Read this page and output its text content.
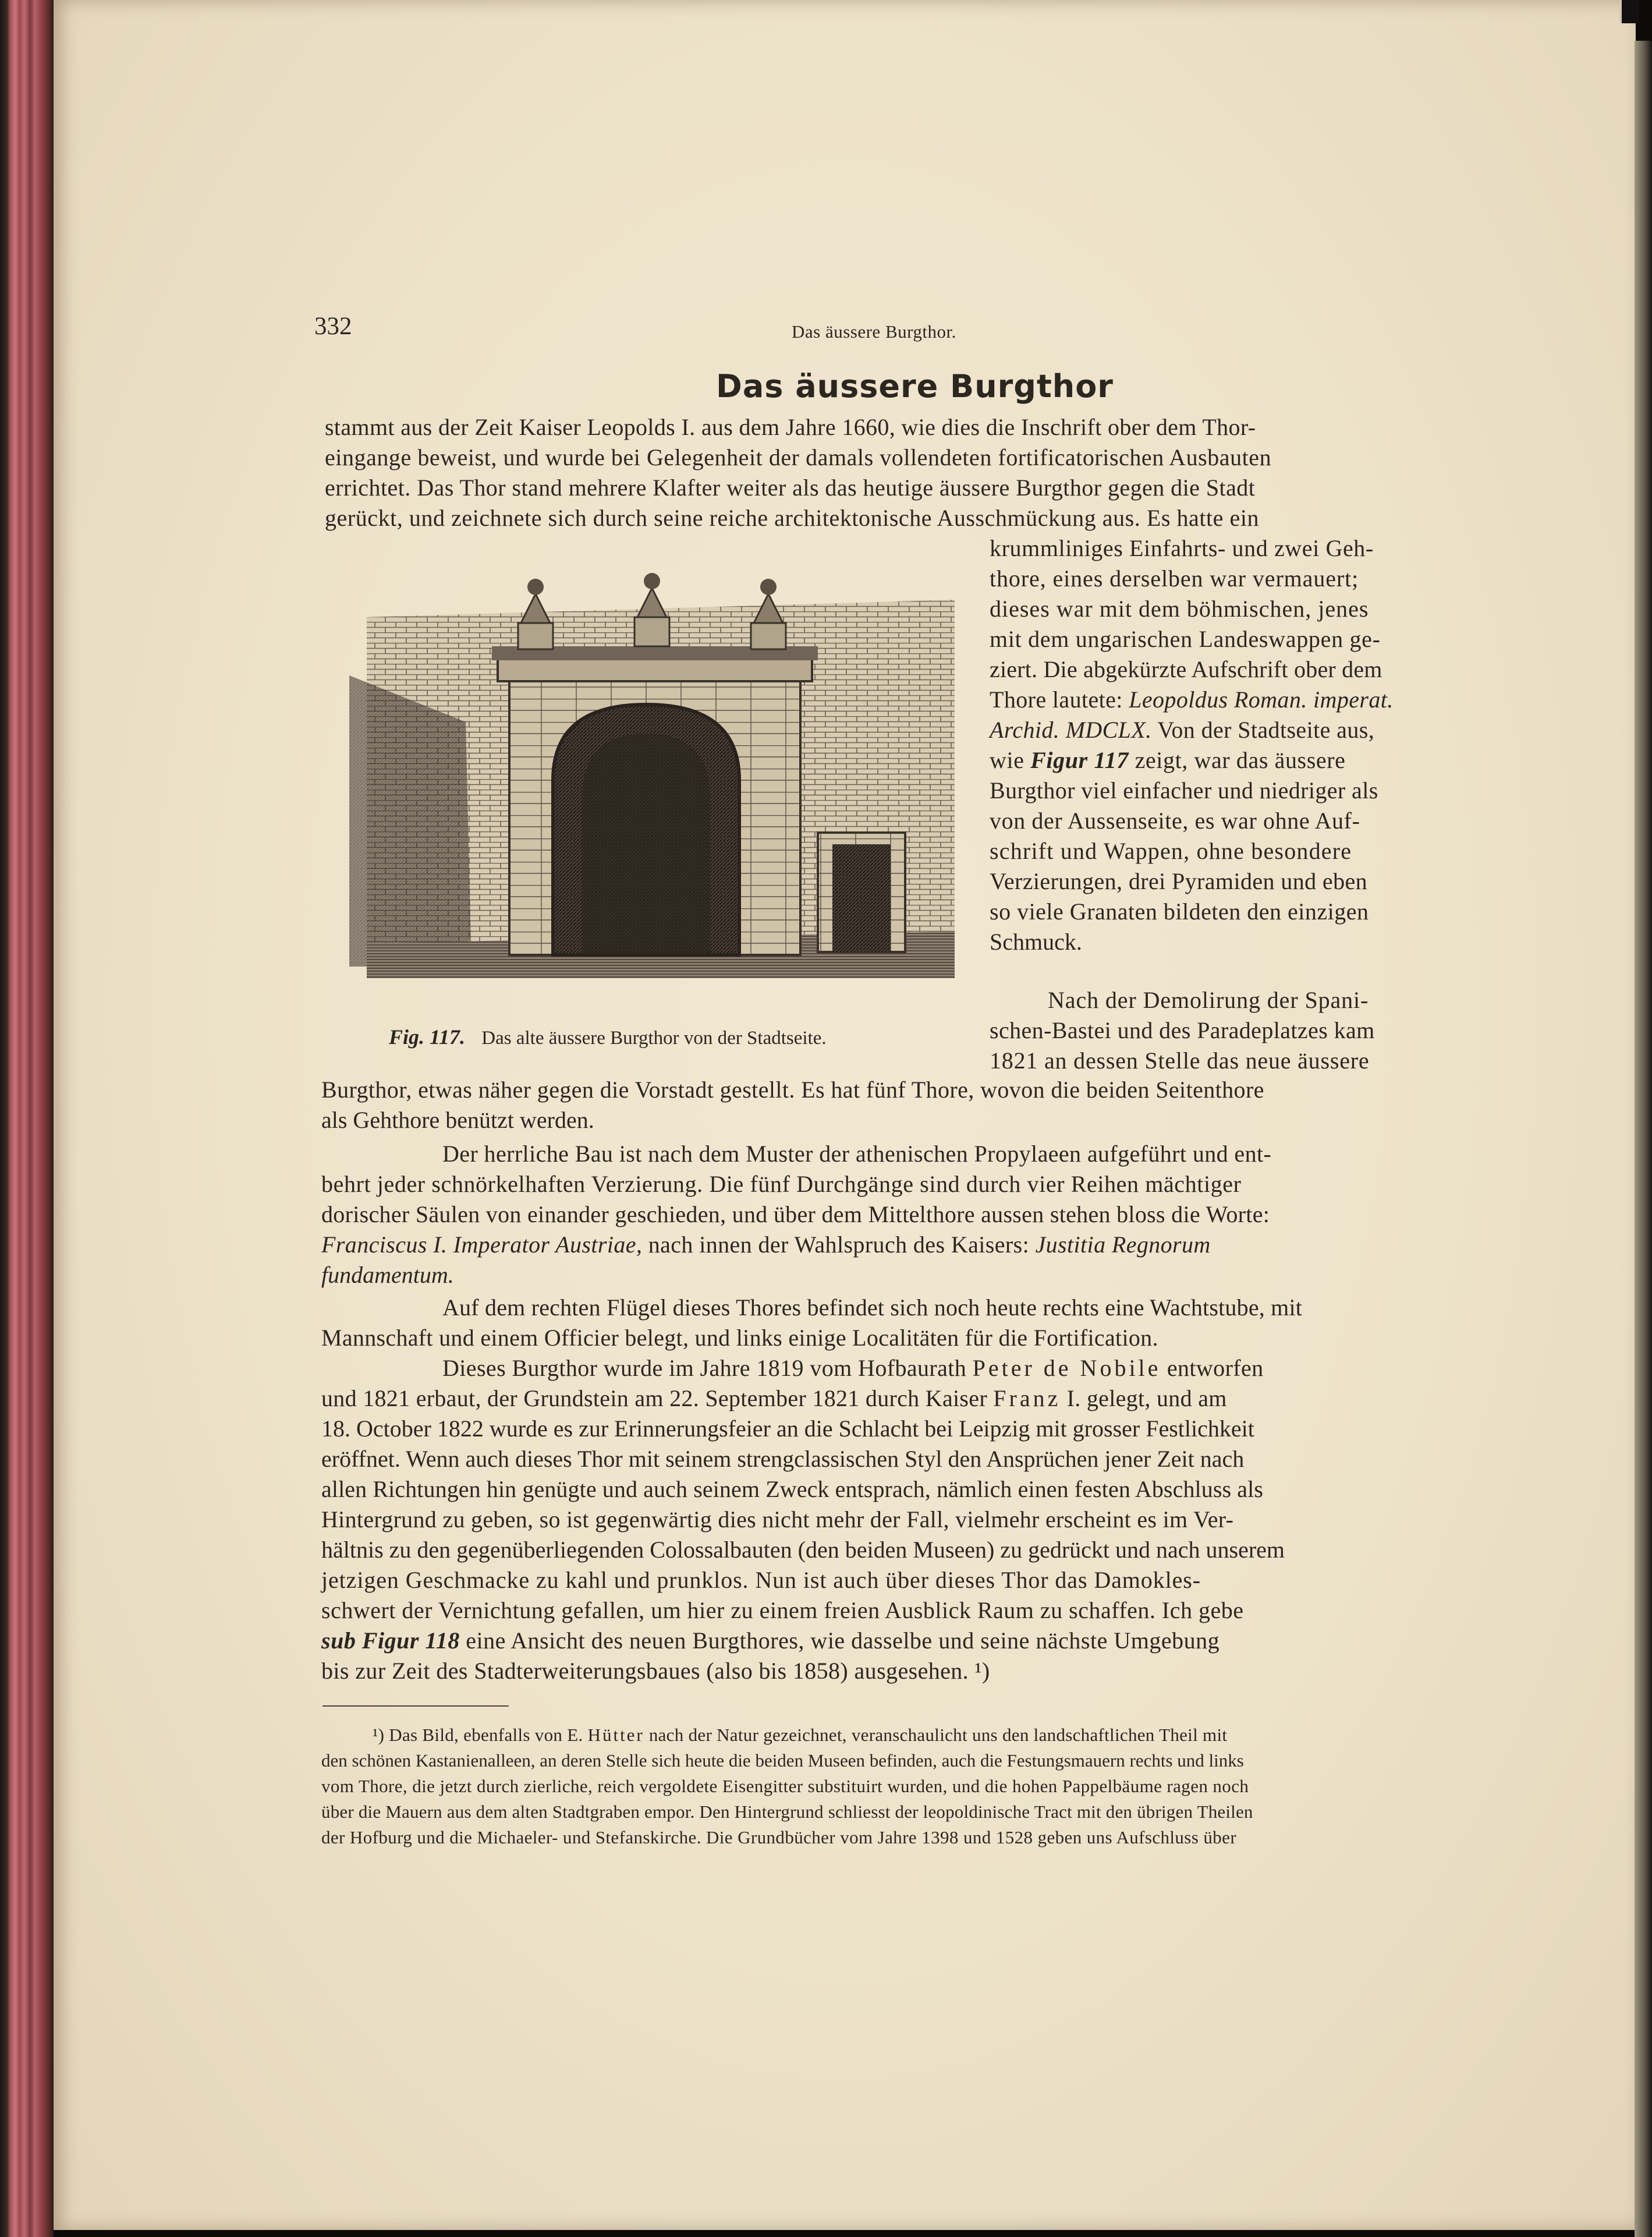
332	Das äussere Burgthor.
Das äussere Burgthor
stammt aus der Zeit Kaiser Leopolds I. aus dem Jahre 1660, wie dies die Inschrift ober dem Thor-
eingange beweist, und wurde bei Gelegenheit der damals vollendeten fortificatorischen Ausbauten
errichtet. Das Thor stand mehrere Klafter weiter als das heutige äussere Burgthor gegen die Stadt
gerückt, und zeichnete sich durch seine reiche architektonische Ausschmückung aus. Es hatte ein
Fig. 117. Das alte äussere Burgthor von der Stadtseite.
krummliniges Einfahrts- und zwei Geh-
thore, eines derselben war vermauert;
dieses war mit dem böhmischen, jenes
mit dem ungarischen Landeswappen ge-
ziert. Die abgekürzte Aufschrift ober dem
Thore lautete: Leopoldus Roman. imperat.
Archid. MDCLX. Von der Stadtseite aus,
wie Figur 117 zeigt, war das äussere
Burgthor viel einfacher und niedriger als
von der Aussenseite, es war ohne Auf-
schrift und Wappen, ohne besondere
Verzierungen, drei Pyramiden und eben
so viele Granaten bildeten den einzigen
Schmuck.
Nach der Demolirung der Spani-
schen-Bastei und des Paradeplatzes kam
1821 an dessen Stelle das neue äussere
Burgthor, etwas näher gegen die Vorstadt gestellt. Es hat fünf Thore, wovon die beiden Seitenthore
als Gehthore benützt werden.
Der herrliche Bau ist nach dem Muster der athenischen Propylaeen aufgeführt und ent-
behrt jeder schnörkelhaften Verzierung. Die fünf Durchgänge sind durch vier Reihen mächtiger
dorischer Säulen von einander geschieden, und über dem Mittelthore aussen stehen bloss die Worte:
Franciscus I. Imperator Austriae, nach innen der Wahlspruch des Kaisers: Justitia Regnorum
fundamentum.
Auf dem rechten Flügel dieses Thores befindet sich noch heute rechts eine Wachtstube, mit
Mannschaft und einem Officier belegt, und links einige Localitäten für die Fortification.
Dieses Burgthor wurde im Jahre 1819 vom Hofbaurath Peter de Nobile entworfen
und 1821 erbaut, der Grundstein am 22. September 1821 durch Kaiser Franz I. gelegt, und am
18. October 1822 wurde es zur Erinnerungsfeier an die Schlacht bei Leipzig mit grosser Festlichkeit
eröffnet. Wenn auch dieses Thor mit seinem strengclassischen Styl den Ansprüchen jener Zeit nach
allen Richtungen hin genügte und auch seinem Zweck entsprach, nämlich einen festen Abschluss als
Hintergrund zu geben, so ist gegenwärtig dies nicht mehr der Fall, vielmehr erscheint es im Ver-
hältnis zu den gegenüberliegenden Colossalbauten (den beiden Museen) zu gedrückt und nach unserem
jetzigen Geschmacke zu kahl und prunklos. Nun ist auch über dieses Thor das Damokles-
schwert der Vernichtung gefallen, um hier zu einem freien Ausblick Raum zu schaffen. Ich gebe
sub Figur 118 eine Ansicht des neuen Burgthores, wie dasselbe und seine nächste Umgebung
bis zur Zeit des Stadterweiterungsbaues (also bis 1858) ausgesehen. ¹)
¹) Das Bild, ebenfalls von E. Hütter nach der Natur gezeichnet, veranschaulicht uns den landschaftlichen Theil mit
den schönen Kastanienalleen, an deren Stelle sich heute die beiden Museen befinden, auch die Festungsmauern rechts und links
vom Thore, die jetzt durch zierliche, reich vergoldete Eisengitter substituirt wurden, und die hohen Pappelbäume ragen noch
über die Mauern aus dem alten Stadtgraben empor. Den Hintergrund schliesst der leopoldinische Tract mit den übrigen Theilen
der Hofburg und die Michaeler- und Stefanskirche. Die Grundbücher vom Jahre 1398 und 1528 geben uns Aufschluss über
